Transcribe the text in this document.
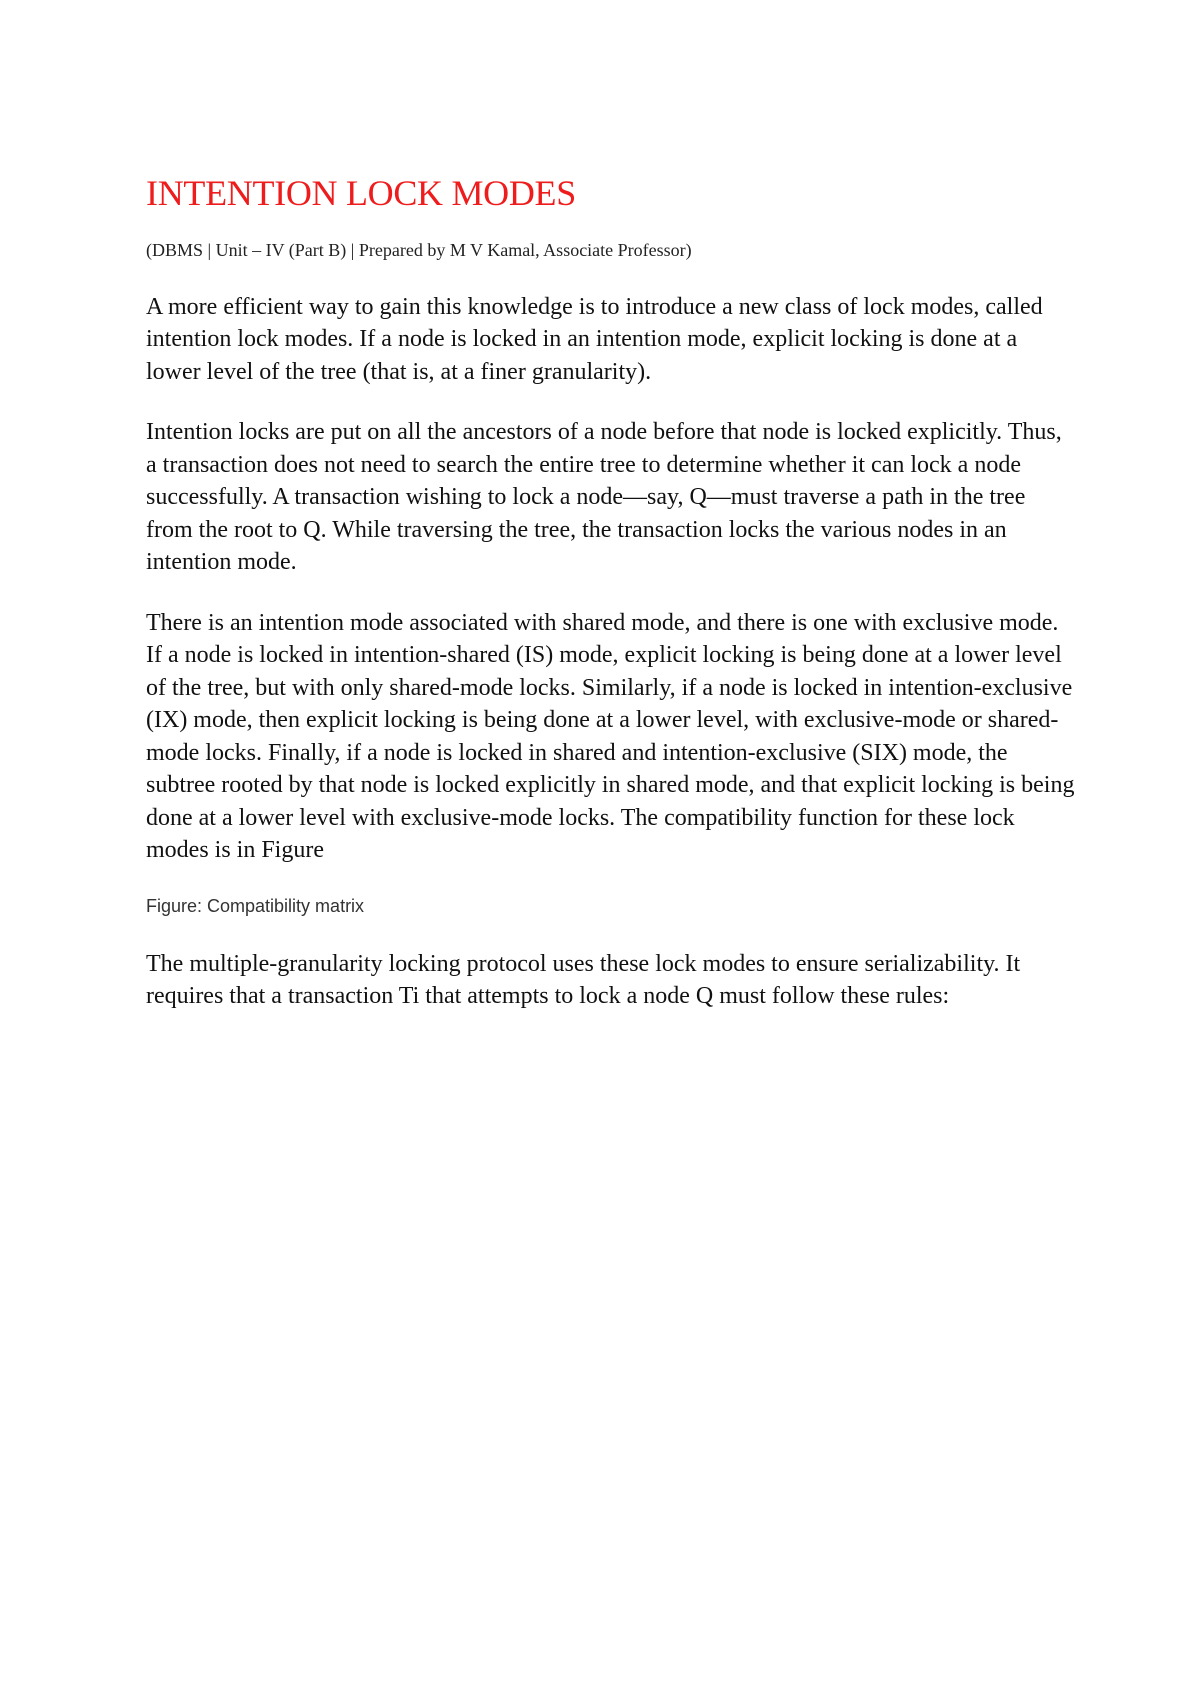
INTENTION LOCK MODES

(DBMS | Unit – IV (Part B) | Prepared by M V Kamal, Associate Professor)

A more efficient way to gain this knowledge is to introduce a new class of lock modes, called intention lock modes. If a node is locked in an intention mode, explicit locking is done at a lower level of the tree (that is, at a finer granularity).

Intention locks are put on all the ancestors of a node before that node is locked explicitly. Thus, a transaction does not need to search the entire tree to determine whether it can lock a node successfully. A transaction wishing to lock a node—say, Q—must traverse a path in the tree from the root to Q. While traversing the tree, the transaction locks the various nodes in an intention mode.

There is an intention mode associated with shared mode, and there is one with exclusive mode. If a node is locked in intention-shared (IS) mode, explicit locking is being done at a lower level of the tree, but with only shared-mode locks. Similarly, if a node is locked in intention-exclusive (IX) mode, then explicit locking is being done at a lower level, with exclusive-mode or shared-mode locks. Finally, if a node is locked in shared and intention-exclusive (SIX) mode, the subtree rooted by that node is locked explicitly in shared mode, and that explicit locking is being done at a lower level with exclusive-mode locks. The compatibility function for these lock modes is in Figure

Figure: Compatibility matrix

The multiple-granularity locking protocol uses these lock modes to ensure serializability. It requires that a transaction Ti that attempts to lock a node Q must follow these rules:
